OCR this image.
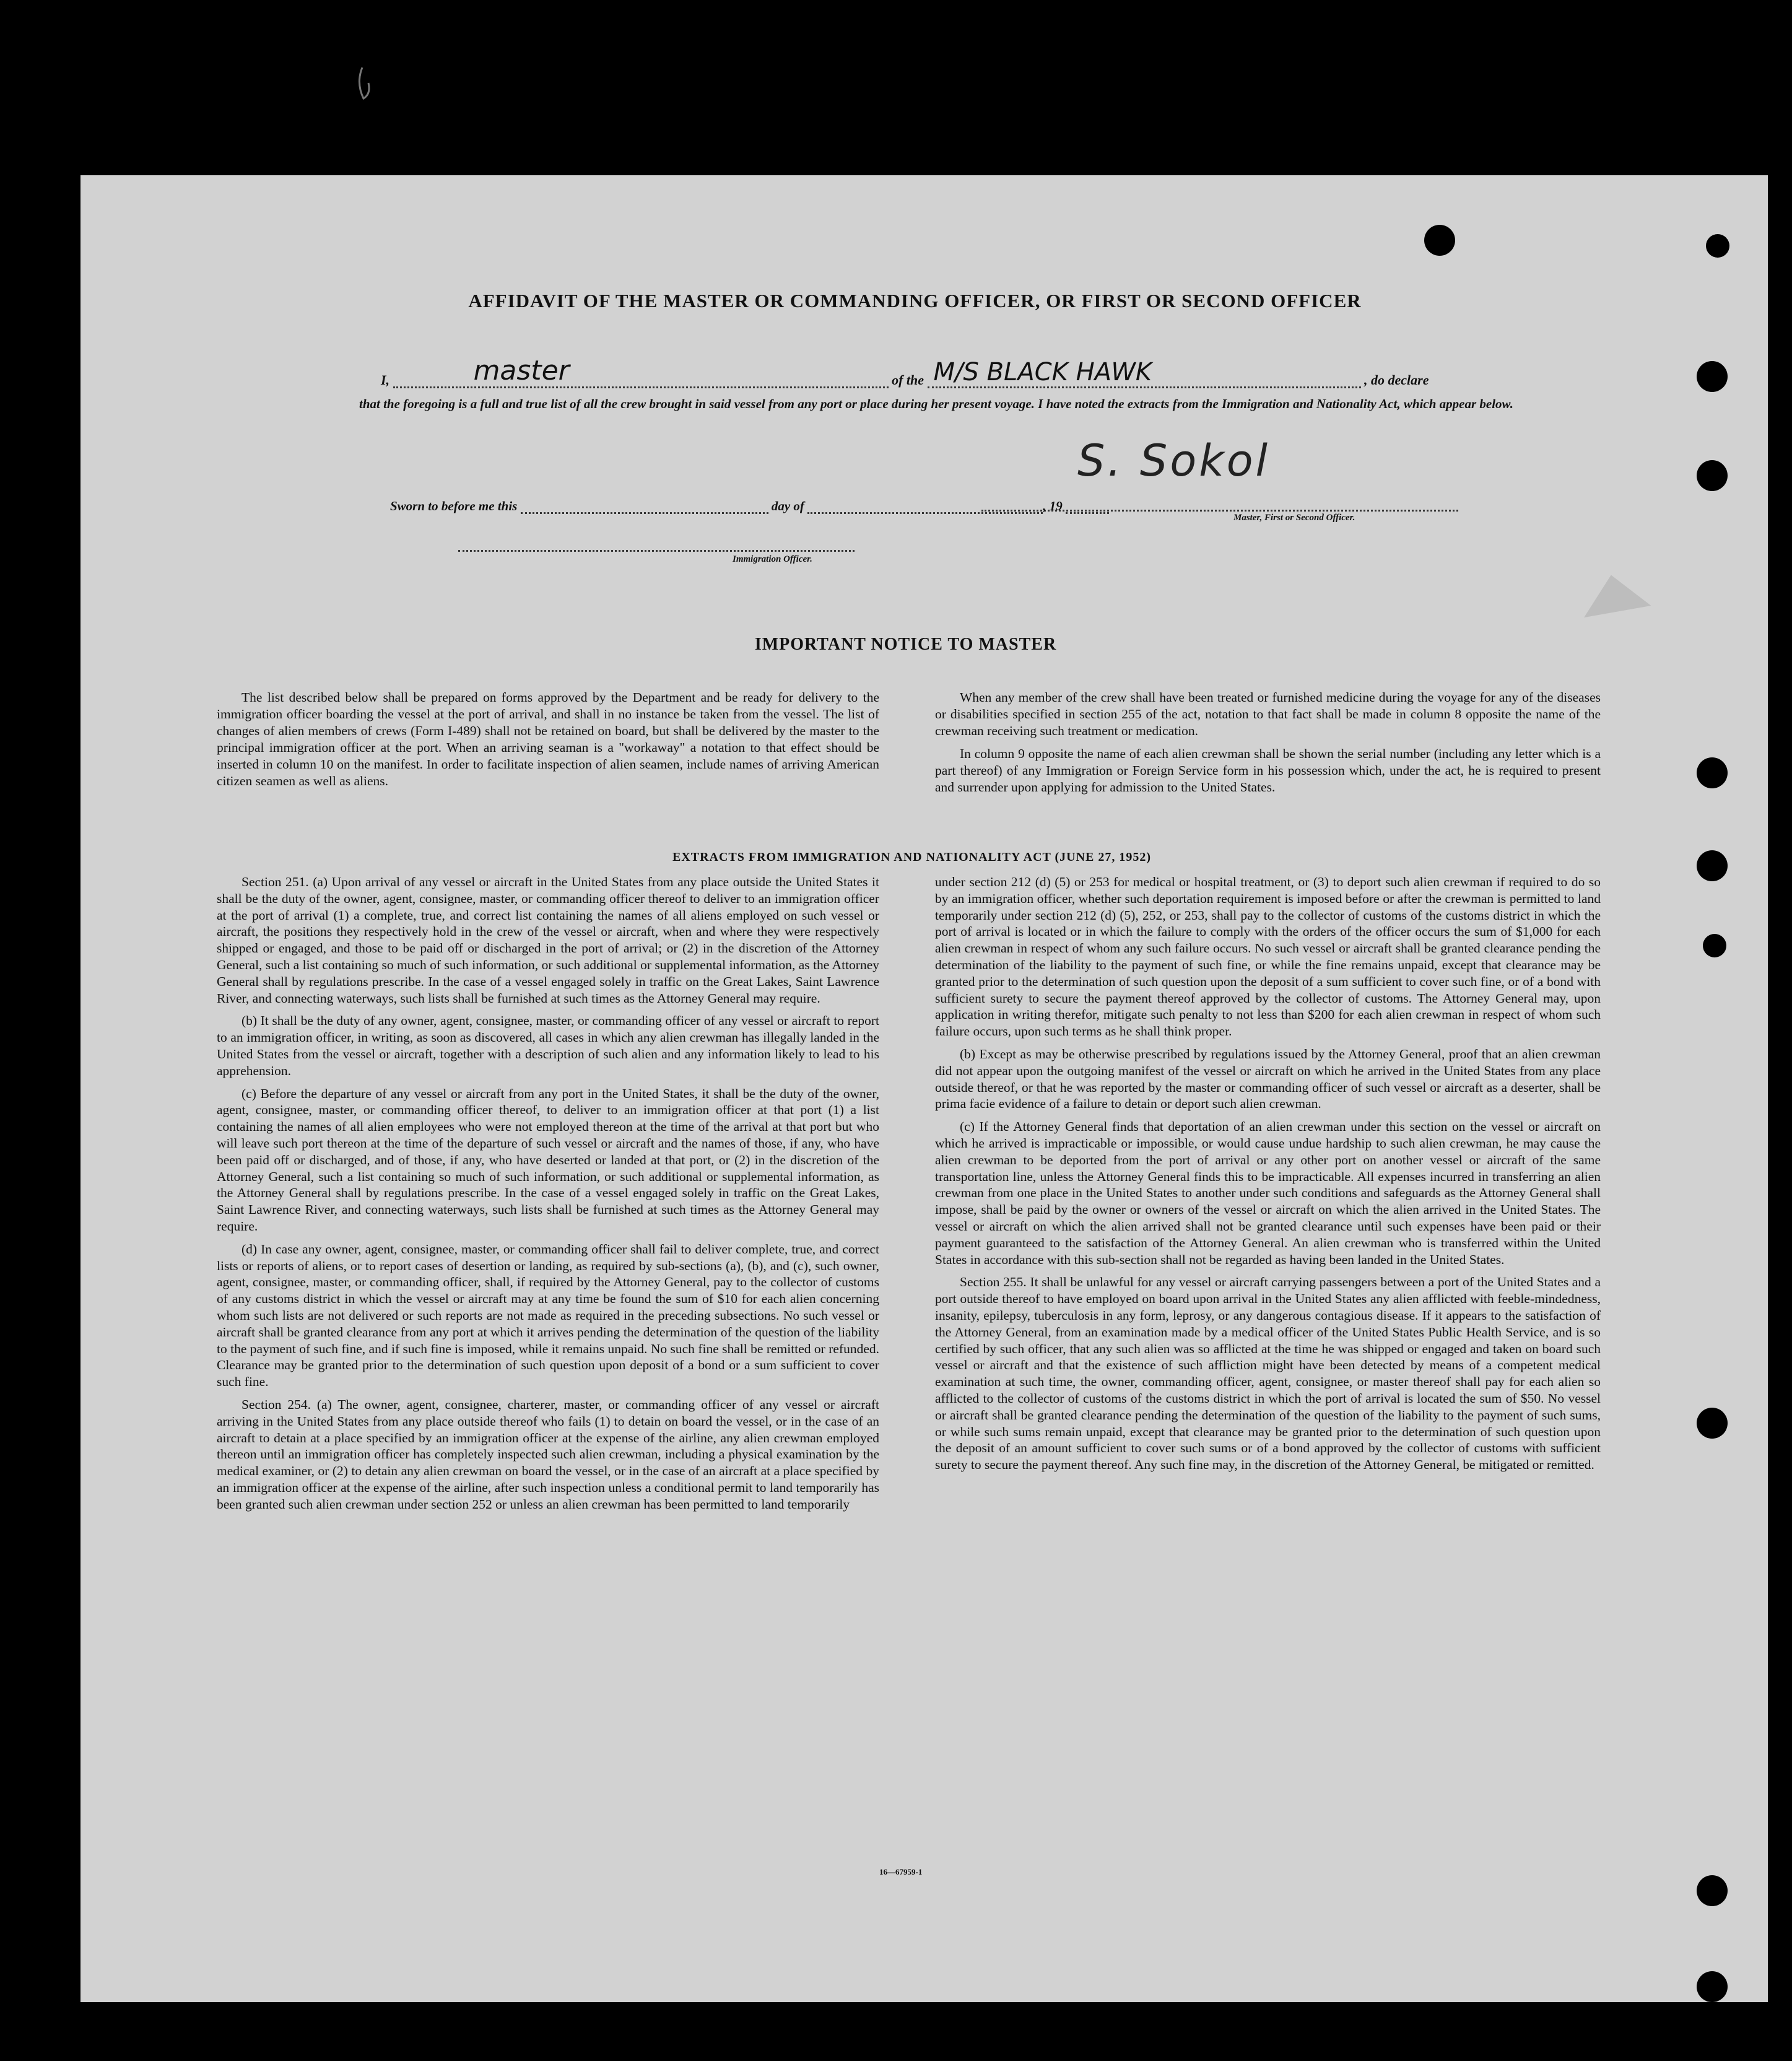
AFFIDAVIT OF THE MASTER OR COMMANDING OFFICER, OR FIRST OR SECOND OFFICER
I,	master	of the M/S BLACK HAWK	, do declare
that the foregoing is a full and true list of all the crew brought in said vessel from any port or place during her present voyage. I have noted the extracts from the Immigration and Nationality Act, which appear below.
S. Sokol
Master, First or Second Officer.
Sworn to before me this	day of	, 19
Immigration Officer.
IMPORTANT NOTICE TO MASTER

The list described below shall be prepared on forms approved by the Department and be ready for delivery to the immigration officer boarding the vessel at the port of arrival, and shall in no instance be taken from the vessel. The list of changes of alien members of crews (Form I-489) shall not be retained on board, but shall be delivered by the master to the principal immigration officer at the port. When an arriving seaman is a "workaway" a notation to that effect should be inserted in column 10 on the manifest. In order to facilitate inspection of alien seamen, include names of arriving American citizen seamen as well as aliens.

When any member of the crew shall have been treated or furnished medicine during the voyage for any of the diseases or disabilities specified in section 255 of the act, notation to that fact shall be made in column 8 opposite the name of the crewman receiving such treatment or medication.

In column 9 opposite the name of each alien crewman shall be shown the serial number (including any letter which is a part thereof) of any Immigration or Foreign Service form in his possession which, under the act, he is required to present and surrender upon applying for admission to the United States.

EXTRACTS FROM IMMIGRATION AND NATIONALITY ACT (JUNE 27, 1952)

Section 251. (a) Upon arrival of any vessel or aircraft in the United States from any place outside the United States it shall be the duty of the owner, agent, consignee, master, or commanding officer thereof to deliver to an immigration officer at the port of arrival (1) a complete, true, and correct list containing the names of all aliens employed on such vessel or aircraft, the positions they respectively hold in the crew of the vessel or aircraft, when and where they were respectively shipped or engaged, and those to be paid off or discharged in the port of arrival; or (2) in the discretion of the Attorney General, such a list containing so much of such information, or such additional or supplemental information, as the Attorney General shall by regulations prescribe. In the case of a vessel engaged solely in traffic on the Great Lakes, Saint Lawrence River, and connecting waterways, such lists shall be furnished at such times as the Attorney General may require.

(b) It shall be the duty of any owner, agent, consignee, master, or commanding officer of any vessel or aircraft to report to an immigration officer, in writing, as soon as discovered, all cases in which any alien crewman has illegally landed in the United States from the vessel or aircraft, together with a description of such alien and any information likely to lead to his apprehension.

(c) Before the departure of any vessel or aircraft from any port in the United States, it shall be the duty of the owner, agent, consignee, master, or commanding officer thereof, to deliver to an immigration officer at that port (1) a list containing the names of all alien employees who were not employed thereon at the time of the arrival at that port but who will leave such port thereon at the time of the departure of such vessel or aircraft and the names of those, if any, who have been paid off or discharged, and of those, if any, who have deserted or landed at that port, or (2) in the discretion of the Attorney General, such a list containing so much of such information, or such additional or supplemental information, as the Attorney General shall by regulations prescribe. In the case of a vessel engaged solely in traffic on the Great Lakes, Saint Lawrence River, and connecting waterways, such lists shall be furnished at such times as the Attorney General may require.

(d) In case any owner, agent, consignee, master, or commanding officer shall fail to deliver complete, true, and correct lists or reports of aliens, or to report cases of desertion or landing, as required by sub-sections (a), (b), and (c), such owner, agent, consignee, master, or commanding officer, shall, if required by the Attorney General, pay to the collector of customs of any customs district in which the vessel or aircraft may at any time be found the sum of $10 for each alien concerning whom such lists are not delivered or such reports are not made as required in the preceding subsections. No such vessel or aircraft shall be granted clearance from any port at which it arrives pending the determination of the question of the liability to the payment of such fine, and if such fine is imposed, while it remains unpaid. No such fine shall be remitted or refunded. Clearance may be granted prior to the determination of such question upon deposit of a bond or a sum sufficient to cover such fine.

Section 254. (a) The owner, agent, consignee, charterer, master, or commanding officer of any vessel or aircraft arriving in the United States from any place outside thereof who fails (1) to detain on board the vessel, or in the case of an aircraft to detain at a place specified by an immigration officer at the expense of the airline, any alien crewman employed thereon until an immigration officer has completely inspected such alien crewman, including a physical examination by the medical examiner, or (2) to detain any alien crewman on board the vessel, or in the case of an aircraft at a place specified by an immigration officer at the expense of the airline, after such inspection unless a conditional permit to land temporarily has been granted such alien crewman under section 252 or unless an alien crewman has been permitted to land temporarily

under section 212 (d) (5) or 253 for medical or hospital treatment, or (3) to deport such alien crewman if required to do so by an immigration officer, whether such deportation requirement is imposed before or after the crewman is permitted to land temporarily under section 212 (d) (5), 252, or 253, shall pay to the collector of customs of the customs district in which the port of arrival is located or in which the failure to comply with the orders of the officer occurs the sum of $1,000 for each alien crewman in respect of whom any such failure occurs. No such vessel or aircraft shall be granted clearance pending the determination of the liability to the payment of such fine, or while the fine remains unpaid, except that clearance may be granted prior to the determination of such question upon the deposit of a sum sufficient to cover such fine, or of a bond with sufficient surety to secure the payment thereof approved by the collector of customs. The Attorney General may, upon application in writing therefor, mitigate such penalty to not less than $200 for each alien crewman in respect of whom such failure occurs, upon such terms as he shall think proper.

(b) Except as may be otherwise prescribed by regulations issued by the Attorney General, proof that an alien crewman did not appear upon the outgoing manifest of the vessel or aircraft on which he arrived in the United States from any place outside thereof, or that he was reported by the master or commanding officer of such vessel or aircraft as a deserter, shall be prima facie evidence of a failure to detain or deport such alien crewman.

(c) If the Attorney General finds that deportation of an alien crewman under this section on the vessel or aircraft on which he arrived is impracticable or impossible, or would cause undue hardship to such alien crewman, he may cause the alien crewman to be deported from the port of arrival or any other port on another vessel or aircraft of the same transportation line, unless the Attorney General finds this to be impracticable. All expenses incurred in transferring an alien crewman from one place in the United States to another under such conditions and safeguards as the Attorney General shall impose, shall be paid by the owner or owners of the vessel or aircraft on which the alien arrived in the United States. The vessel or aircraft on which the alien arrived shall not be granted clearance until such expenses have been paid or their payment guaranteed to the satisfaction of the Attorney General. An alien crewman who is transferred within the United States in accordance with this sub-section shall not be regarded as having been landed in the United States.

Section 255. It shall be unlawful for any vessel or aircraft carrying passengers between a port of the United States and a port outside thereof to have employed on board upon arrival in the United States any alien afflicted with feeble-mindedness, insanity, epilepsy, tuberculosis in any form, leprosy, or any dangerous contagious disease. If it appears to the satisfaction of the Attorney General, from an examination made by a medical officer of the United States Public Health Service, and is so certified by such officer, that any such alien was so afflicted at the time he was shipped or engaged and taken on board such vessel or aircraft and that the existence of such affliction might have been detected by means of a competent medical examination at such time, the owner, commanding officer, agent, consignee, or master thereof shall pay for each alien so afflicted to the collector of customs of the customs district in which the port of arrival is located the sum of $50. No vessel or aircraft shall be granted clearance pending the determination of the question of the liability to the payment of such sums, or while such sums remain unpaid, except that clearance may be granted prior to the determination of such question upon the deposit of an amount sufficient to cover such sums or of a bond approved by the collector of customs with sufficient surety to secure the payment thereof. Any such fine may, in the discretion of the Attorney General, be mitigated or remitted.

16—67959-1
